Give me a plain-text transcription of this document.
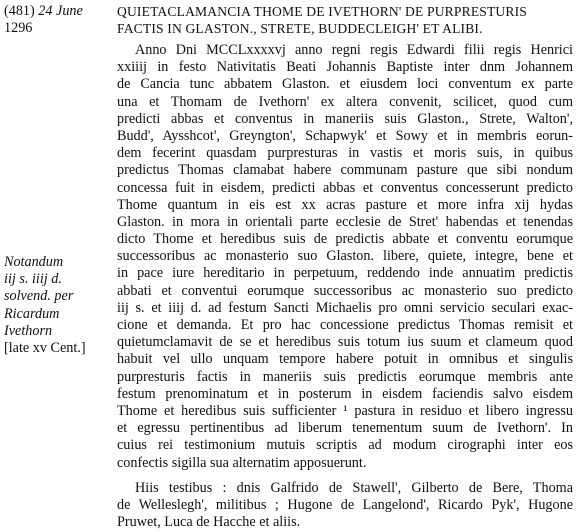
(481) 24 June
1296
QUIETACLAMANCIA THOME DE IVETHORN' DE PURPRESTURIS
FACTIS IN GLASTON., STRETE, BUDDECLEIGH' ET ALIBI.
Notandum
iij s. iiij d.
solvend. per
Ricardum
Ivethorn
[late xv Cent.]
Anno Dni MCCLxxxxvj anno regni regis Edwardi filii regis Henrici
xxiiij in festo Nativitatis Beati Johannis Baptiste inter dnm Johannem
de Cancia tunc abbatem Glaston. et eiusdem loci conventum ex parte
una et Thomam de Ivethorn' ex altera convenit, scilicet, quod cum
predicti abbas et conventus in maneriis suis Glaston., Strete, Walton',
Budd', Aysshcot', Greyngton', Schapwyk' et Sowy et in membris eorun-
dem fecerint quasdam purpresturas in vastis et moris suis, in quibus
predictus Thomas clamabat habere communam pasture que sibi nondum
concessa fuit in eisdem, predicti abbas et conventus concesserunt predicto
Thome quantum in eis est xx acras pasture et more infra xij hydas
Glaston. in mora in orientali parte ecclesie de Stret' habendas et tenendas
dicto Thome et heredibus suis de predictis abbate et conventu eorumque
successoribus ac monasterio suo Glaston. libere, quiete, integre, bene et
in pace iure hereditario in perpetuum, reddendo inde annuatim predictis
abbati et conventui eorumque successoribus ac monasterio suo predicto
iij s. et iiij d. ad festum Sancti Michaelis pro omni servicio seculari exac-
cione et demanda. Et pro hac concessione predictus Thomas remisit et
quietumclamavit de se et heredibus suis totum ius suum et clameum quod
habuit vel ullo unquam tempore habere potuit in omnibus et singulis
purpresturis factis in maneriis suis predictis eorumque membris ante
festum prenominatum et in posterum in eisdem faciendis salvo eisdem
Thome et heredibus suis sufficienter ¹ pastura in residuo et libero ingressu
et egressu pertinentibus ad liberum tenementum suum de Ivethorn'. In
cuius rei testimonium mutuis scriptis ad modum cirographi inter eos
confectis sigilla sua alternatim apposuerunt.
Hiis testibus : dnis Galfrido de Stawell', Gilberto de Bere, Thoma
de Welleslegh', militibus ; Hugone de Langelond', Ricardo Pyk', Hugone
Pruwet, Luca de Hacche et aliis.
